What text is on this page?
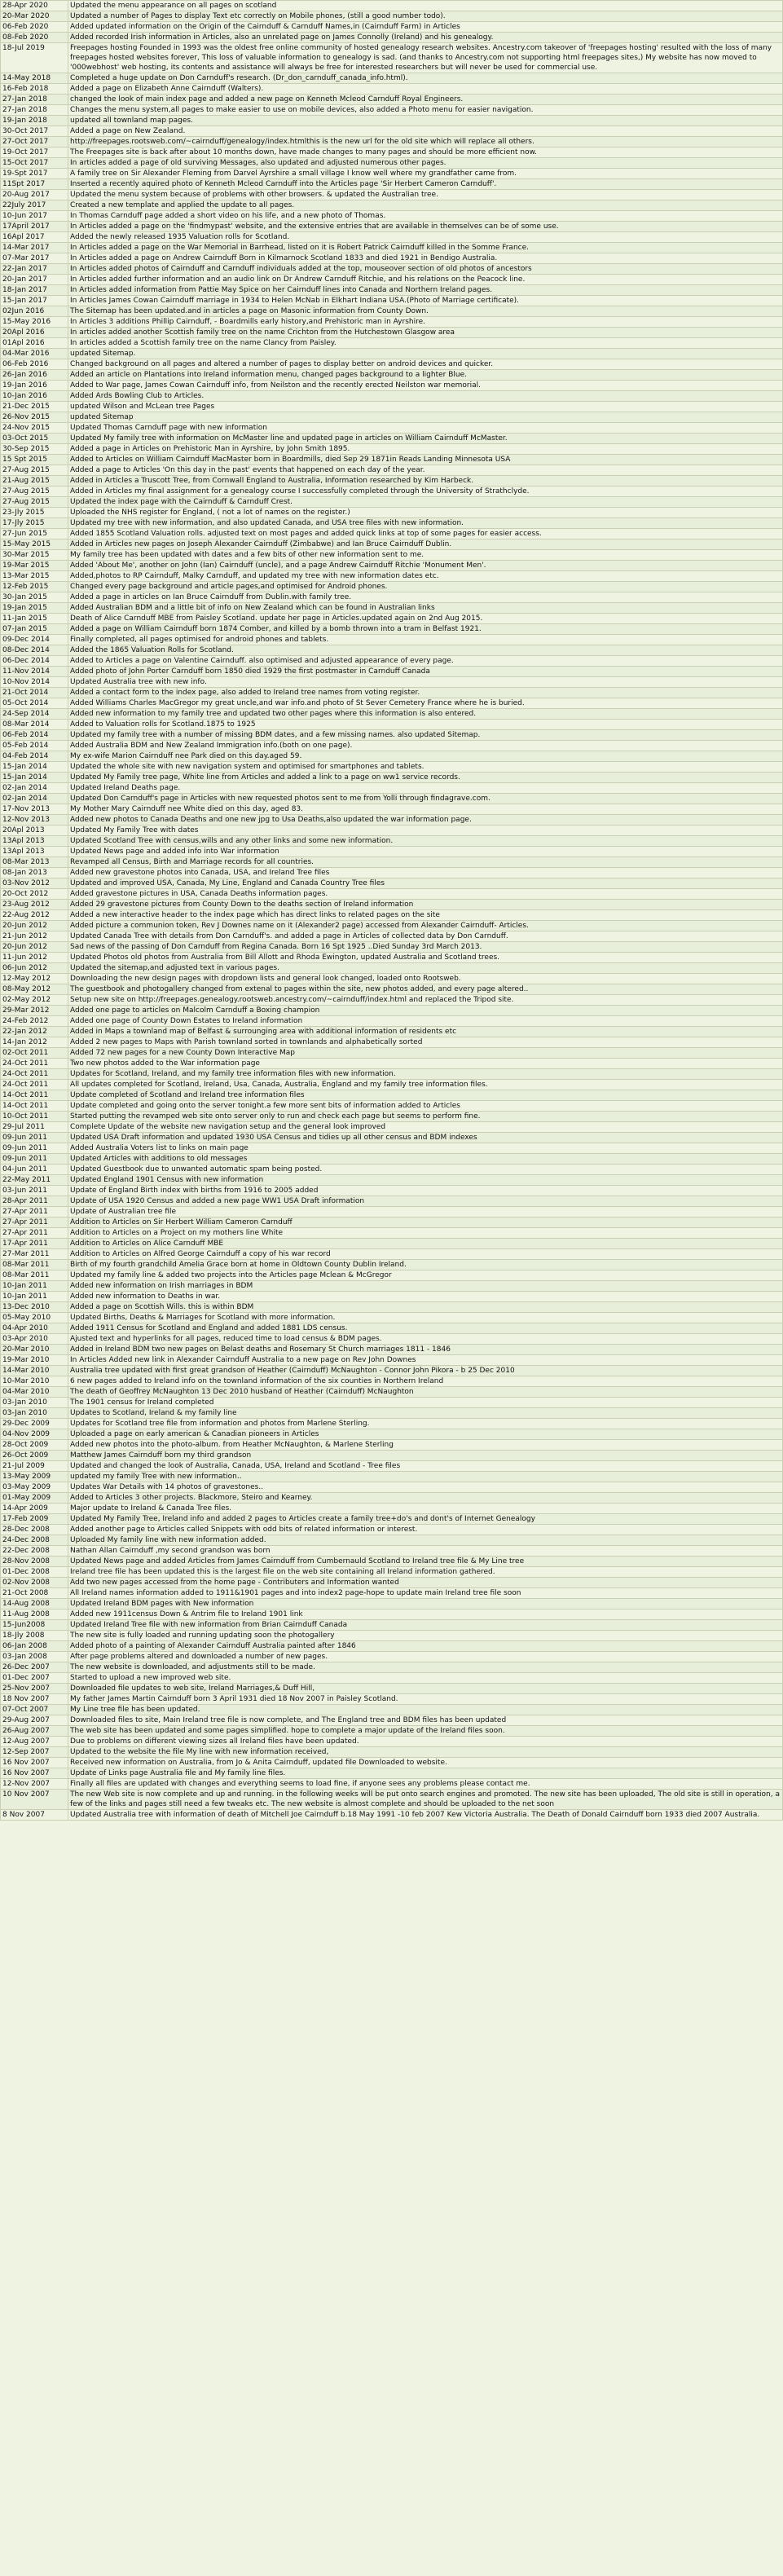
28-Apr 2020	Updated the menu appearance on all pages on scotland
20-Mar 2020	Updated a number of Pages to display Text etc correctly on Mobile phones, (still a good number todo).
06-Feb 2020	Added updated information on the Origin of the Cairnduff & Carnduff Names,in (Cairnduff Farm) in Articles
08-Feb 2020	Added recorded Irish information in Articles, also an unrelated page on James Connolly (Ireland) and his genealogy.
18-Jul 2019	Freepages hosting Founded in 1993 was the oldest free online community of hosted genealogy research websites. Ancestry.com takeover of 'freepages hosting' resulted with the loss of many freepages hosted websites forever, This loss of valuable information to genealogy is sad. (and thanks to Ancestry.com not supporting html freepages sites,) My website has now moved to '000webhost' web hosting, its contents and assistance will always be free for interested researchers but will never be used for commercial use.
14-May 2018	Completed a huge update on Don Carnduff's research. (Dr_don_carnduff_canada_info.html).
16-Feb 2018	Added a page on Elizabeth Anne Cairnduff (Walters).
27-Jan 2018	changed the look of main index page and added a new page on Kenneth Mcleod Carnduff Royal Engineers.
27-Jan 2018	Changes the menu system,all pages to make easier to use on mobile devices, also added a Photo menu for easier navigation.
19-Jan 2018	updated all townland map pages.
30-Oct 2017	Added a page on New Zealand.
27-Oct 2017	http://freepages.rootsweb.com/~cairnduff/genealogy/index.htmlthis is the new url for the old site which will replace all others.
19-Oct 2017	The Freepages site is back after about 10 months down, have made changes to many pages and should be more efficient now.
15-Oct 2017	In articles added a page of old surviving Messages, also updated and adjusted numerous other pages.
19-Spt 2017	A family tree on Sir Alexander Fleming from Darvel Ayrshire a small village I know well where my grandfather came from.
11Spt 2017	Inserted a recently aquired photo of Kenneth Mcleod Carnduff into the Articles page 'Sir Herbert Cameron Carnduff'.
20-Aug 2017	Updated the menu system because of problems with other browsers. & updated the Australian tree.
22July 2017	Created a new template and applied the update to all pages.
10-Jun 2017	In Thomas Carnduff page added a short video on his life, and a new photo of Thomas.
17April 2017	In Articles added a page on the 'findmypast' website, and the extensive entries that are available in themselves can be of some use.
16Apl 2017	Added the newly released 1935 Valuation rolls for Scotland.
14-Mar 2017	In Articles added a page on the War Memorial in Barrhead, listed on it is Robert Patrick Cairnduff killed in the Somme France.
07-Mar 2017	In Articles added a page on Andrew Cairnduff Born in Kilmarnock Scotland 1833 and died 1921 in Bendigo Australia.
22-Jan 2017	In Articles added photos of Cairnduff and Carnduff individuals added at the top, mouseover section of old photos of ancestors
20-Jan 2017	In Articles added further information and an audio link on Dr Andrew Carnduff Ritchie, and his relations on the Peacock line.
18-Jan 2017	In Articles added information from Pattie May Spice on her Cairnduff lines into Canada and Northern Ireland pages.
15-Jan 2017	In Articles James Cowan Cairnduff marriage in 1934 to Helen McNab in Elkhart Indiana USA.(Photo of Marriage certificate).
02Jun 2016	The Sitemap has been updated.and in articles a page on Masonic information from County Down.
15-May 2016	In Articles 3 additions Phillip Cairnduff, - Boardmills early history,and Prehistoric man in Ayrshire.
20Apl 2016	In articles added another Scottish family tree on the name Crichton from the Hutchestown Glasgow area
01Apl 2016	In articles added a Scottish family tree on the name Clancy from Paisley.
04-Mar 2016	updated Sitemap.
06-Feb 2016	Changed background on all pages and altered a number of pages to display better on android devices and quicker.
26-Jan 2016	Added an article on Plantations into Ireland information menu, changed pages background to a lighter Blue.
19-Jan 2016	Added to War page, James Cowan Cairnduff info, from Neilston and the recently erected Neilston war memorial.
10-Jan 2016	Added Ards Bowling Club to Articles.
21-Dec 2015	updated Wilson and McLean tree Pages
26-Nov 2015	updated Sitemap
24-Nov 2015	Updated Thomas Carnduff page with new information
03-Oct 2015	Updated My family tree with information on McMaster line and updated page in articles on William Cairnduff McMaster.
30-Sep 2015	Added a page in Articles on Prehistoric Man in Ayrshire, by John Smith 1895.
15 Spt 2015	Added to Articles on William Cairnduff MacMaster born in Boardmills, died Sep 29 1871in Reads Landing Minnesota USA
27-Aug 2015	Added a page to Articles 'On this day in the past' events that happened on each day of the year.
21-Aug 2015	Added in Articles a Truscott Tree, from Cornwall England to Australia, Information researched by Kim Harbeck.
27-Aug 2015	Added in Articles my final assignment for a genealogy course I successfully completed through the University of Strathclyde.
27-Aug 2015	Updated the index page with the Cairnduff & Carnduff Crest.
23-Jly 2015	Uploaded the NHS register for England, ( not a lot of names on the register.)
17-Jly 2015	Updated my tree with new information, and also updated Canada, and USA tree files with new information.
27-Jun 2015	Added 1855 Scotland Valuation rolls. adjusted text on most pages and added quick links at top of some pages for easier access.
15-May 2015	Added in Articles new pages on Joseph Alexander Cairnduff (Zimbabwe) and Ian Bruce Cairnduff Dublin.
30-Mar 2015	My family tree has been updated with dates and a few bits of other new information sent to me.
19-Mar 2015	Added 'About Me', another on John (Ian) Cairnduff (uncle), and a page Andrew Cairnduff Ritchie 'Monument Men'.
13-Mar 2015	Added,photos to RP Cairnduff, Malky Carnduff, and updated my tree with new information dates etc.
12-Feb 2015	Changed every page background and article pages,and optimised for Android phones.
30-Jan 2015	Added a page in articles on Ian Bruce Cairnduff from Dublin.with family tree.
19-Jan 2015	Added Australian BDM and a little bit of info on New Zealand which can be found in Australian links
11-Jan 2015	Death of Alice Carnduff MBE from Paisley Scotland. update her page in Articles.updated again on 2nd Aug 2015.
07-Jan 2015	Added a page on William Cairnduff born 1874 Comber, and killed by a bomb thrown into a tram in Belfast 1921.
09-Dec 2014	Finally completed, all pages optimised for android phones and tablets.
08-Dec 2014	Added the 1865 Valuation Rolls for Scotland.
06-Dec 2014	Added to Articles a page on Valentine Cairnduff. also optimised and adjusted appearance of every page.
11-Nov 2014	Added photo of John Porter Carnduff born 1850 died 1929 the first postmaster in Carnduff Canada
10-Nov 2014	Updated Australia tree with new info.
21-Oct 2014	Added a contact form to the index page, also added to Ireland tree names from voting register.
05-Oct 2014	Added Williams Charles MacGregor my great uncle,and war info.and photo of St Sever Cemetery France where he is buried.
24-Sep 2014	Added new information to my family tree and updated two other pages where this information is also entered.
08-Mar 2014	Added to Valuation rolls for Scotland.1875 to 1925
06-Feb 2014	Updated my family tree with a number of missing BDM dates, and a few missing names. also updated Sitemap.
05-Feb 2014	Added Australia BDM and New Zealand Immigration info.(both on one page).
04-Feb 2014	My ex-wife Marion Cairnduff nee Park died on this day.aged 59.
15-Jan 2014	Updated the whole site with new navigation system and optimised for smartphones and tablets.
15-Jan 2014	Updated My Family tree page, White line from Articles and added a link to a page on ww1 service records.
02-Jan 2014	Updated Ireland Deaths page.
02-Jan 2014	Updated Don Carnduff's page in Articles with new requested photos sent to me from Yolli through findagrave.com.
17-Nov 2013	My Mother Mary Cairnduff nee White died on this day, aged 83.
12-Nov 2013	Added new photos to Canada Deaths and one new jpg to Usa Deaths,also updated the war information page.
20Apl 2013	Updated My Family Tree with dates
13Apl 2013	Updated Scotland Tree with census,wills and any other links and some new information.
13Apl 2013	Updated News page and added info into War information
08-Mar 2013	Revamped all Census, Birth and Marriage records for all countries.
08-Jan 2013	Added new gravestone photos into Canada, USA, and Ireland Tree files
03-Nov 2012	Updated and improved USA, Canada, My Line, England and Canada Country Tree files
20-Oct 2012	Added gravestone pictures in USA, Canada Deaths information pages.
23-Aug 2012	Added 29 gravestone pictures from County Down to the deaths section of Ireland information
22-Aug 2012	Added a new interactive header to the index page which has direct links to related pages on the site
20-Jun 2012	Added picture a communion token, Rev J Downes name on it (Alexander2 page) accessed from Alexander Cairnduff- Articles.
21-Jun 2012	Updated Canada Tree with details from Don Carnduff's. and added a page in Articles of collected data by Don Carnduff.
20-Jun 2012	Sad news of the passing of Don Carnduff from Regina Canada. Born 16 Spt 1925 ..Died Sunday 3rd March 2013.
11-Jun 2012	Updated Photos old photos from Australia from Bill Allott and Rhoda Ewington, updated Australia and Scotland trees.
06-Jun 2012	Updated the sitemap,and adjusted text in various pages.
12-May 2012	Downloading the new design pages with dropdown lists and general look changed, loaded onto Rootsweb.
08-May 2012	The guestbook and photogallery changed from extenal to pages within the site, new photos added, and every page altered..
02-May 2012	Setup new site on http://freepages.genealogy.rootsweb.ancestry.com/~cairnduff/index.html and replaced the Tripod site.
29-Mar 2012	Added one page to articles on Malcolm Carnduff a Boxing champion
24-Feb 2012	Added one page of County Down Estates to Ireland information
22-Jan 2012	Added in Maps a townland map of Belfast & surrounging area with additional information of residents etc
14-Jan 2012	Added 2 new pages to Maps with Parish townland sorted in townlands and alphabetically sorted
02-Oct 2011	Added 72 new pages for a new County Down Interactive Map
24-Oct 2011	Two new photos added to the War information page
24-Oct 2011	Updates for Scotland, Ireland, and my family tree information files with new information.
24-Oct 2011	All updates completed for Scotland, Ireland, Usa, Canada, Australia, England and my family tree information files.
14-Oct 2011	Update completed of Scotland and Ireland tree information files
14-Oct 2011	Update completed and going onto the server tonight.a few more sent bits of information added to Articles
10-Oct 2011	Started putting the revamped web site onto server only to run and check each page but seems to perform fine.
29-Jul 2011	Complete Update of the website new navigation setup and the general look improved
09-Jun 2011	Updated USA Draft information and updated 1930 USA Census and tidies up all other census and BDM indexes
09-Jun 2011	Added Australia Voters list to links on main page
09-Jun 2011	Updated Articles with additions to old messages
04-Jun 2011	Updated Guestbook due to unwanted automatic spam being posted.
22-May 2011	Updated England 1901 Census with new information
03-Jun 2011	Update of England Birth index with births from 1916 to 2005 added
28-Apr 2011	Update of USA 1920 Census and added a new page WW1 USA Draft information
27-Apr 2011	Update of Australian tree file
27-Apr 2011	Addition to Articles on Sir Herbert William Cameron Carnduff
27-Apr 2011	Addition to Articles on a Project on my mothers line White
17-Apr 2011	Addition to Articles on Alice Carnduff MBE
27-Mar 2011	Addition to Articles on Alfred George Cairnduff a copy of his war record
08-Mar 2011	Birth of my fourth grandchild Amelia Grace born at home in Oldtown County Dublin Ireland.
08-Mar 2011	Updated my family line & added two projects into the Articles page Mclean & McGregor
10-Jan 2011	Added new information on Irish marriages in BDM
10-Jan 2011	Added new information to Deaths in war.
13-Dec 2010	Added a page on Scottish Wills. this is within BDM
05-May 2010	Updated Births, Deaths & Marriages for Scotland with more information.
04-Apr 2010	Added 1911 Census for Scotland and England and added 1881 LDS census.
03-Apr 2010	Ajusted text and hyperlinks for all pages, reduced time to load census & BDM pages.
20-Mar 2010	Added in Ireland BDM two new pages on Belast deaths and Rosemary St Church marriages 1811 - 1846
19-Mar 2010	In Articles Added new link in Alexander Cairnduff Australia to a new page on Rev John Downes
14-Mar 2010	Australia tree updated with first great grandson of Heather (Cairnduff) McNaughton - Connor John Pikora - b 25 Dec 2010
10-Mar 2010	6 new pages added to Ireland info on the townland information of the six counties in Northern Ireland
04-Mar 2010	The death of Geoffrey McNaughton 13 Dec 2010 husband of Heather (Cairnduff) McNaughton
03-Jan 2010	The 1901 census for Ireland completed
03-Jan 2010	Updates to Scotland, Ireland & my family line
29-Dec 2009	Updates for Scotland tree file from information and photos from Marlene Sterling.
04-Nov 2009	Uploaded a page on early american & Canadian pioneers in Articles
28-Oct 2009	Added new photos into the photo-album. from Heather McNaughton, & Marlene Sterling
26-Oct 2009	Matthew James Cairnduff born my third grandson
21-Jul 2009	Updated and changed the look of Australia, Canada, USA, Ireland and Scotland - Tree files
13-May 2009	updated my family Tree with new information..
03-May 2009	Updates War Details with 14 photos of gravestones..
01-May 2009	Added to Articles 3 other projects. Blackmore, Steiro and Kearney.
14-Apr 2009	Major update to Ireland & Canada Tree files.
17-Feb 2009	Updated My Family Tree, Ireland info and added 2 pages to Articles create a family tree+do's and dont's of Internet Genealogy
28-Dec 2008	Added another page to Articles called Snippets with odd bits of related information or interest.
24-Dec 2008	Uploaded My family line with new information added.
22-Dec 2008	Nathan Allan Cairnduff ,my second grandson was born
28-Nov 2008	Updated News page and added Articles from James Cairnduff from Cumbernauld Scotland to Ireland tree file & My Line tree
01-Dec 2008	Ireland tree file has been updated this is the largest file on the web site containing all Ireland information gathered.
02-Nov 2008	Add two new pages accessed from the home page - Contributers and Information wanted
21-Oct 2008	All Ireland names information added to 1911&1901 pages and into index2 page-hope to update main Ireland tree file soon
14-Aug 2008	Updated Ireland BDM pages with New information
11-Aug 2008	Added new 1911census Down & Antrim file to Ireland 1901 link
15-Jun2008	Updated Ireland Tree file with new information from Brian Cairnduff Canada
18-Jly 2008	The new site is fully loaded and running updating soon the photogallery
06-Jan 2008	Added photo of a painting of Alexander Cairnduff Australia painted after 1846
03-Jan 2008	After page problems altered and downloaded a number of new pages.
26-Dec 2007	The new website is downloaded, and adjustments still to be made.
01-Dec 2007	Started to upload a new improved web site.
25-Nov 2007	Downloaded file updates to web site, Ireland Marriages,& Duff Hill,
18 Nov 2007	My father James Martin Cairnduff born 3 April 1931 died 18 Nov 2007 in Paisley Scotland.
07-Oct 2007	My Line tree file has been updated.
29-Aug 2007	Downloaded files to site, Main Ireland tree file is now complete, and The England tree and BDM files has been updated
26-Aug 2007	The web site has been updated and some pages simplified. hope to complete a major update of the Ireland files soon.
12-Aug 2007	Due to problems on different viewing sizes all Ireland files have been updated.
12-Sep 2007	Updated to the website the file My line with new information received,
16 Nov 2007	Received new information on Australia, from Jo & Anita Cairnduff, updated file Downloaded to website.
16 Nov 2007	Update of Links page Australia file and My family line files.
12-Nov 2007	Finally all files are updated with changes and everything seems to load fine, if anyone sees any problems please contact me.
10 Nov 2007	The new Web site is now complete and up and running. in the following weeks will be put onto search engines and promoted. The new site has been uploaded, The old site is still in operation, a few of the links and pages still need a few tweaks etc. The new website is almost complete and should be uploaded to the net soon
8 Nov 2007	Updated Australia tree with information of death of Mitchell Joe Cairnduff b.18 May 1991 -10 feb 2007 Kew Victoria Australia. The Death of Donald Cairnduff born 1933 died 2007 Australia.
